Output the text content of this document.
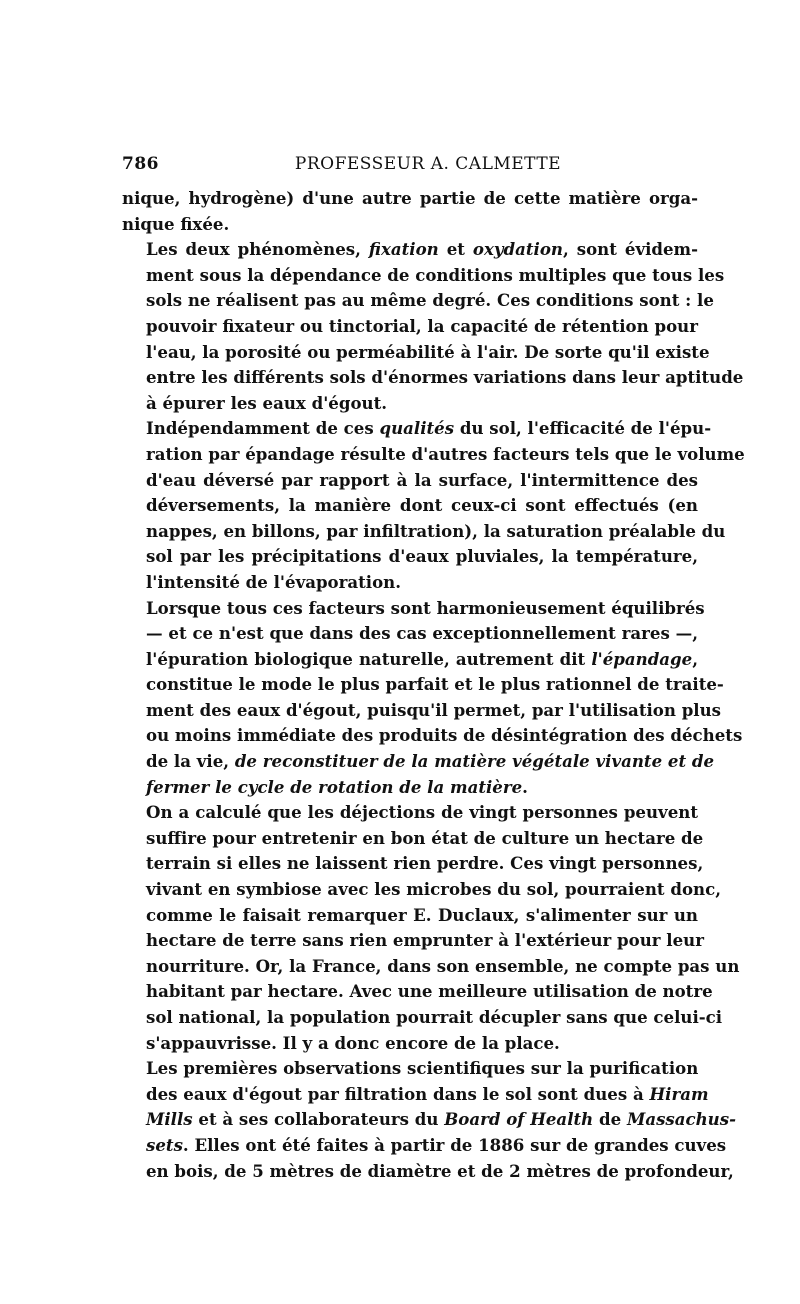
786	PROFESSEUR A. CALMETTE
nique, hydrogène) d'une autre partie de cette matière orga-
nique fixée.
Les deux phénomènes, fixation et oxydation, sont évidem-
ment sous la dépendance de conditions multiples que tous les
sols ne réalisent pas au même degré. Ces conditions sont : le
pouvoir fixateur ou tinctorial, la capacité de rétention pour
l'eau, la porosité ou perméabilité à l'air. De sorte qu'il existe
entre les différents sols d'énormes variations dans leur aptitude
à épurer les eaux d'égout.
Indépendamment de ces qualités du sol, l'efficacité de l'épu-
ration par épandage résulte d'autres facteurs tels que le volume
d'eau déversé par rapport à la surface, l'intermittence des
déversements, la manière dont ceux-ci sont effectués (en
nappes, en billons, par infiltration), la saturation préalable du
sol par les précipitations d'eaux pluviales, la température,
l'intensité de l'évaporation.
Lorsque tous ces facteurs sont harmonieusement équilibrés
— et ce n'est que dans des cas exceptionnellement rares —,
l'épuration biologique naturelle, autrement dit l'épandage,
constitue le mode le plus parfait et le plus rationnel de traite-
ment des eaux d'égout, puisqu'il permet, par l'utilisation plus
ou moins immédiate des produits de désintégration des déchets
de la vie, de reconstituer de la matière végétale vivante et de
fermer le cycle de rotation de la matière.
On a calculé que les déjections de vingt personnes peuvent
suffire pour entretenir en bon état de culture un hectare de
terrain si elles ne laissent rien perdre. Ces vingt personnes,
vivant en symbiose avec les microbes du sol, pourraient donc,
comme le faisait remarquer E. Duclaux, s'alimenter sur un
hectare de terre sans rien emprunter à l'extérieur pour leur
nourriture. Or, la France, dans son ensemble, ne compte pas un
habitant par hectare. Avec une meilleure utilisation de notre
sol national, la population pourrait décupler sans que celui-ci
s'appauvrisse. Il y a donc encore de la place.
Les premières observations scientifiques sur la purification
des eaux d'égout par filtration dans le sol sont dues à Hiram
Mills et à ses collaborateurs du Board of Health de Massachus-
sets. Elles ont été faites à partir de 1886 sur de grandes cuves
en bois, de 5 mètres de diamètre et de 2 mètres de profondeur,
